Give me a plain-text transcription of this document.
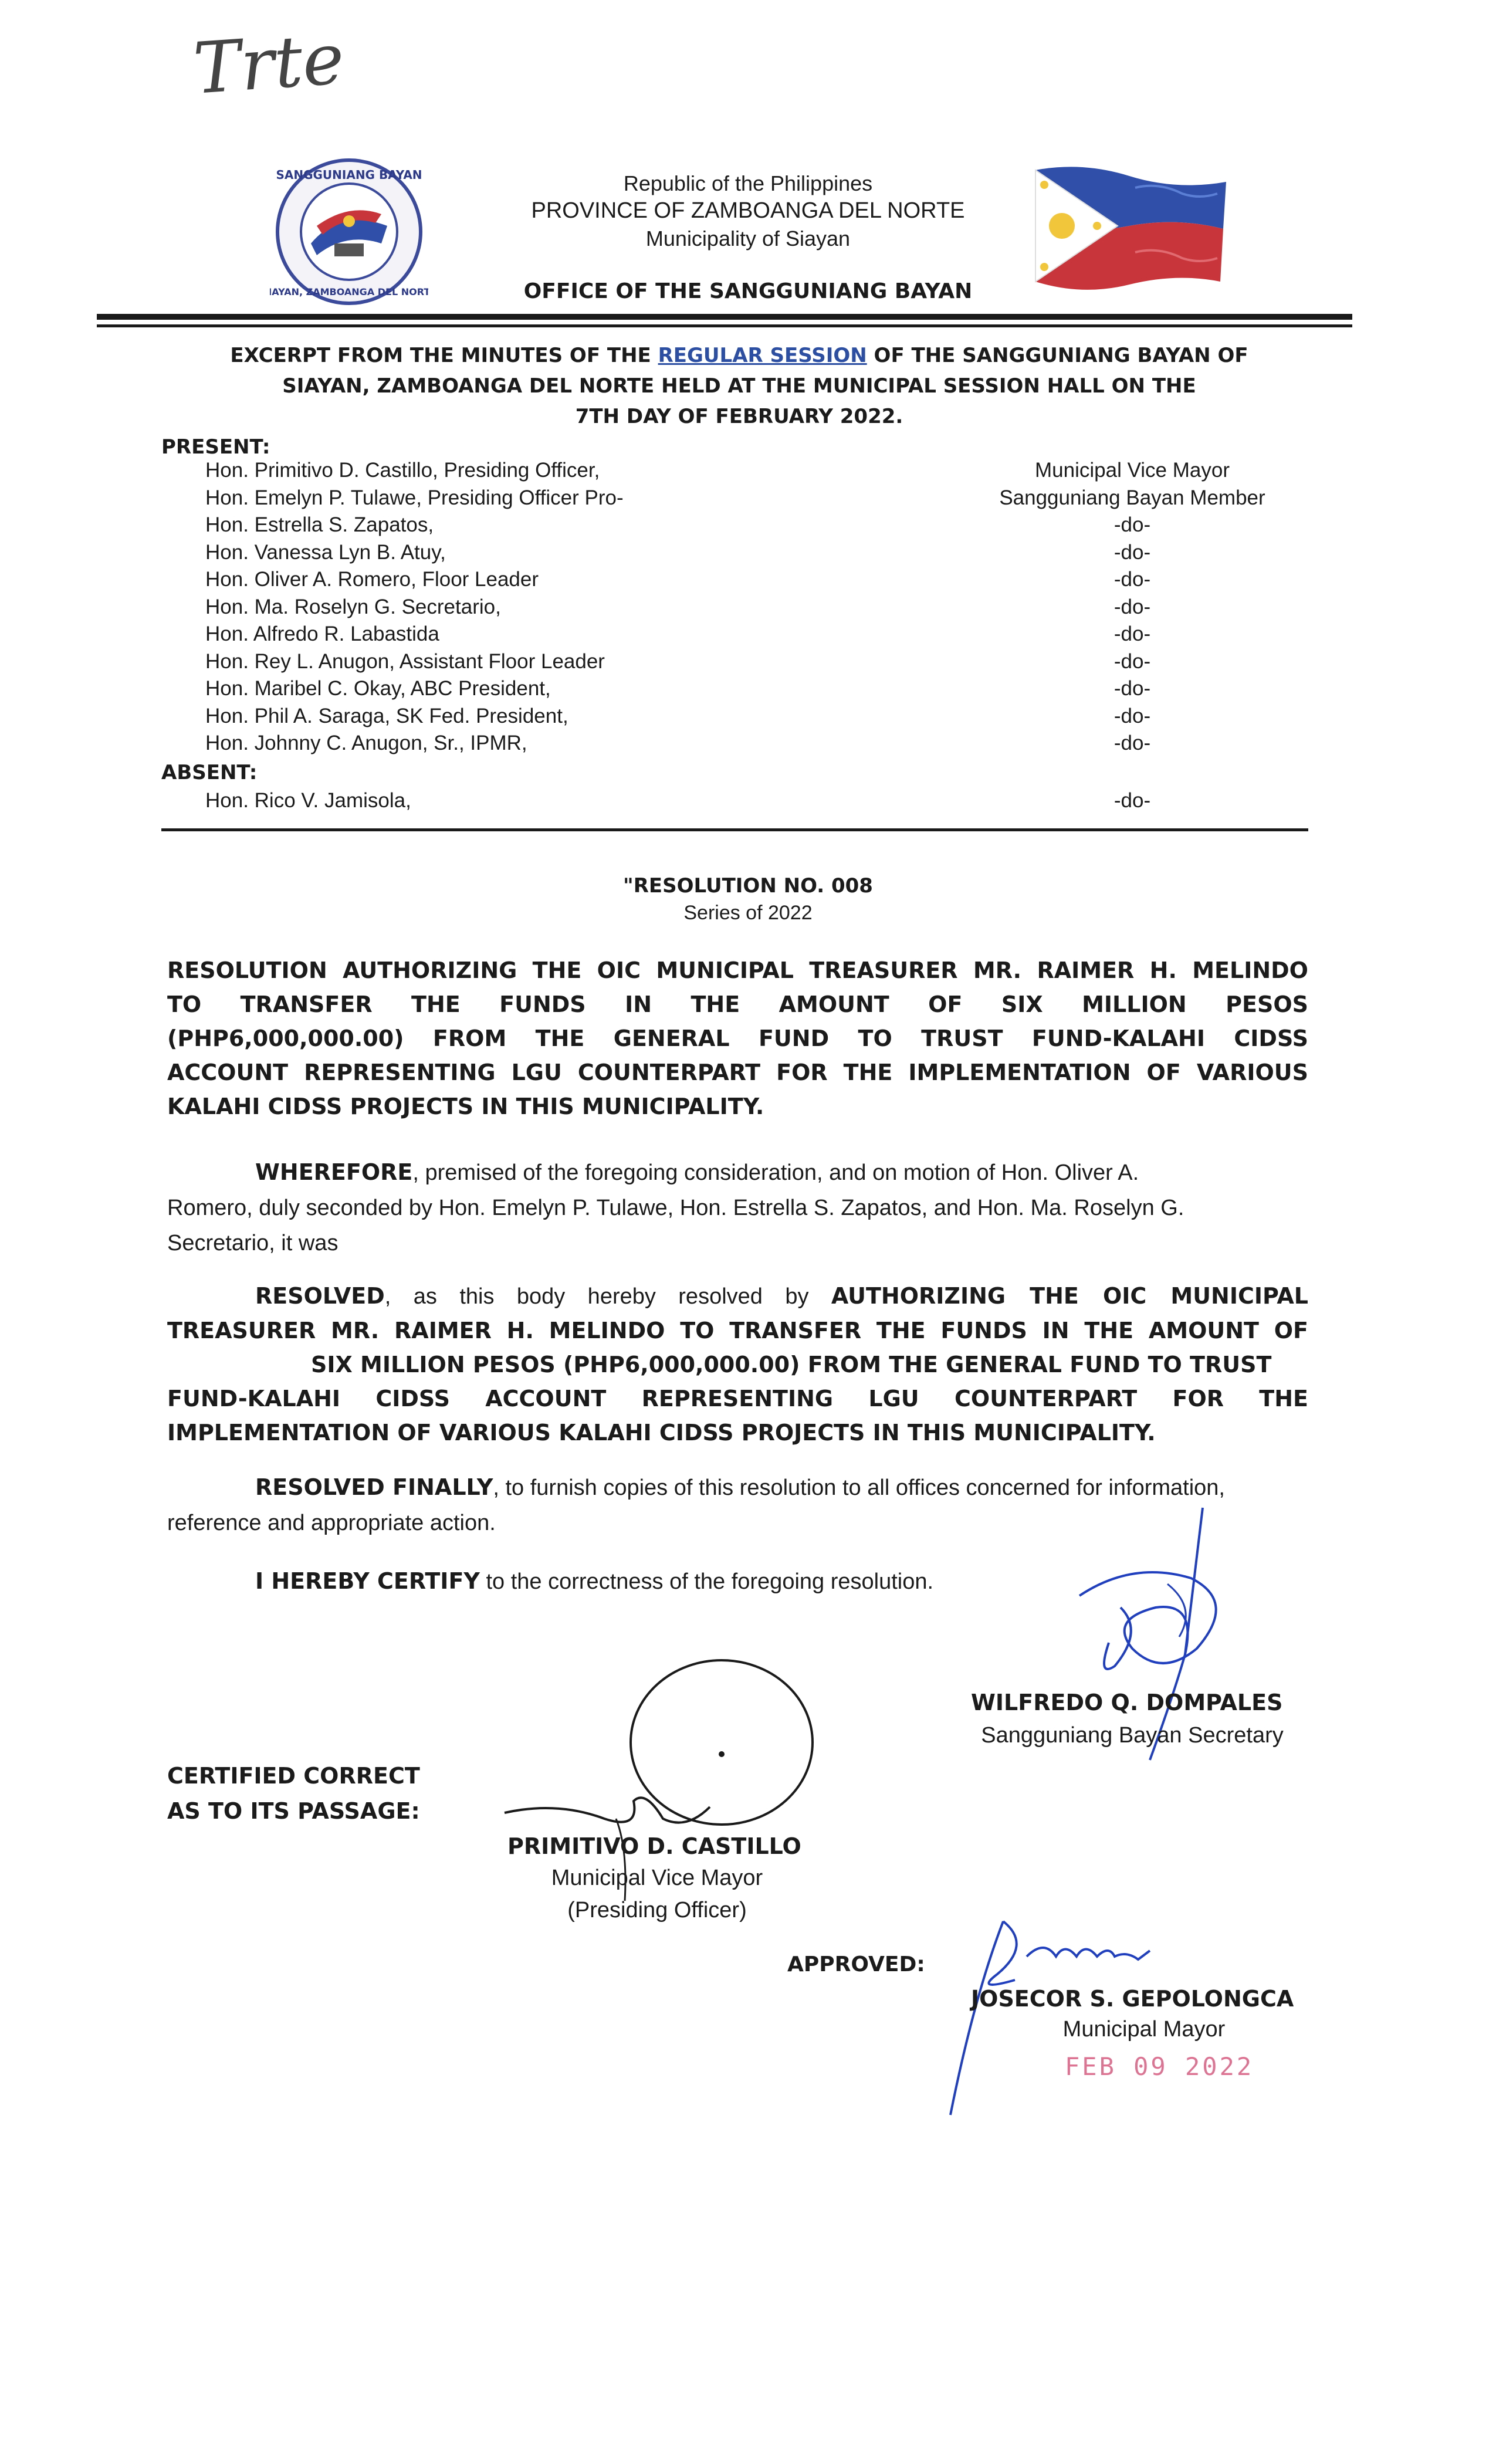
Trte
SANGGUNIANG BAYAN
SIAYAN, ZAMBOANGA DEL NORTE
Republic of the Philippines
PROVINCE OF ZAMBOANGA DEL NORTE
Municipality of Siayan
OFFICE OF THE SANGGUNIANG BAYAN
EXCERPT FROM THE MINUTES OF THE REGULAR SESSION OF THE SANGGUNIANG BAYAN OF
SIAYAN, ZAMBOANGA DEL NORTE HELD AT THE MUNICIPAL SESSION HALL ON THE
7TH DAY OF FEBRUARY 2022.
PRESENT:
Hon. Primitivo D. Castillo, Presiding Officer,	Municipal Vice Mayor
Hon. Emelyn P. Tulawe, Presiding Officer Pro-	Sangguniang Bayan Member
Hon. Estrella S. Zapatos,	-do-
Hon. Vanessa Lyn B. Atuy,	-do-
Hon. Oliver A. Romero, Floor Leader	-do-
Hon. Ma. Roselyn G. Secretario,	-do-
Hon. Alfredo R. Labastida	-do-
Hon. Rey L. Anugon, Assistant Floor Leader	-do-
Hon. Maribel C. Okay, ABC President,	-do-
Hon. Phil A. Saraga, SK Fed. President,	-do-
Hon. Johnny C. Anugon, Sr., IPMR,	-do-
ABSENT:
Hon. Rico V. Jamisola,	-do-
"RESOLUTION NO. 008
Series of 2022
RESOLUTION AUTHORIZING THE OIC MUNICIPAL TREASURER MR. RAIMER H. MELINDO
TO TRANSFER THE FUNDS IN THE AMOUNT OF SIX MILLION PESOS
(PHP6,000,000.00) FROM THE GENERAL FUND TO TRUST FUND-KALAHI CIDSS
ACCOUNT REPRESENTING LGU COUNTERPART FOR THE IMPLEMENTATION OF VARIOUS
KALAHI CIDSS PROJECTS IN THIS MUNICIPALITY.
WHEREFORE, premised of the foregoing consideration, and on motion of Hon. Oliver A.
Romero, duly seconded by Hon. Emelyn P. Tulawe, Hon. Estrella S. Zapatos, and Hon. Ma. Roselyn G.
Secretario, it was
RESOLVED, as this body hereby resolved by AUTHORIZING THE OIC MUNICIPAL
TREASURER MR. RAIMER H. MELINDO TO TRANSFER THE FUNDS IN THE AMOUNT OF
SIX MILLION PESOS (PHP6,000,000.00) FROM THE GENERAL FUND TO TRUST
FUND-KALAHI CIDSS ACCOUNT REPRESENTING LGU COUNTERPART FOR THE
IMPLEMENTATION OF VARIOUS KALAHI CIDSS PROJECTS IN THIS MUNICIPALITY.
RESOLVED FINALLY, to furnish copies of this resolution to all offices concerned for information,
reference and appropriate action.
I HEREBY CERTIFY to the correctness of the foregoing resolution.
WILFREDO Q. DOMPALES
Sangguniang Bayan Secretary
CERTIFIED CORRECT
AS TO ITS PASSAGE:
PRIMITIVO D. CASTILLO
Municipal Vice Mayor
(Presiding Officer)
APPROVED:
JOSECOR S. GEPOLONGCA
Municipal Mayor
FEB 09 2022
